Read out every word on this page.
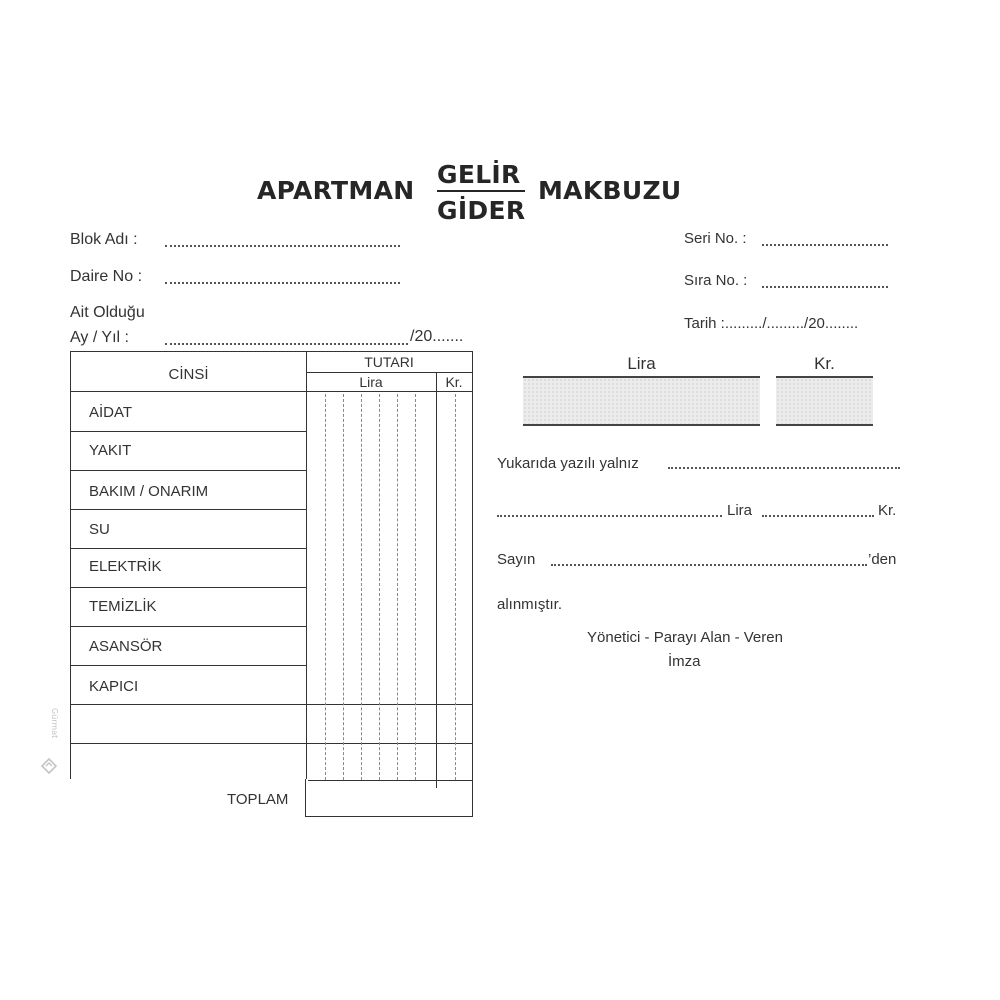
APARTMAN
GELİR
GİDER
MAKBUZU
Blok Adı :
Daire No :
Ait Olduğu
Ay / Yıl :	/20.......
Seri No. :
Sıra No. :
Tarih :........./........./20........
CİNSİ
TUTARI
Lira	Kr.
AİDAT
YAKIT
BAKIM / ONARIM
SU
ELEKTRİK
TEMİZLİK
ASANSÖR
KAPICI
TOPLAM
Lira	Kr.
Yukarıda yazılı yalnız
Lira	Kr.
Sayın	’den
alınmıştır.
Yönetici - Parayı Alan - Veren
İmza
Gürmat
